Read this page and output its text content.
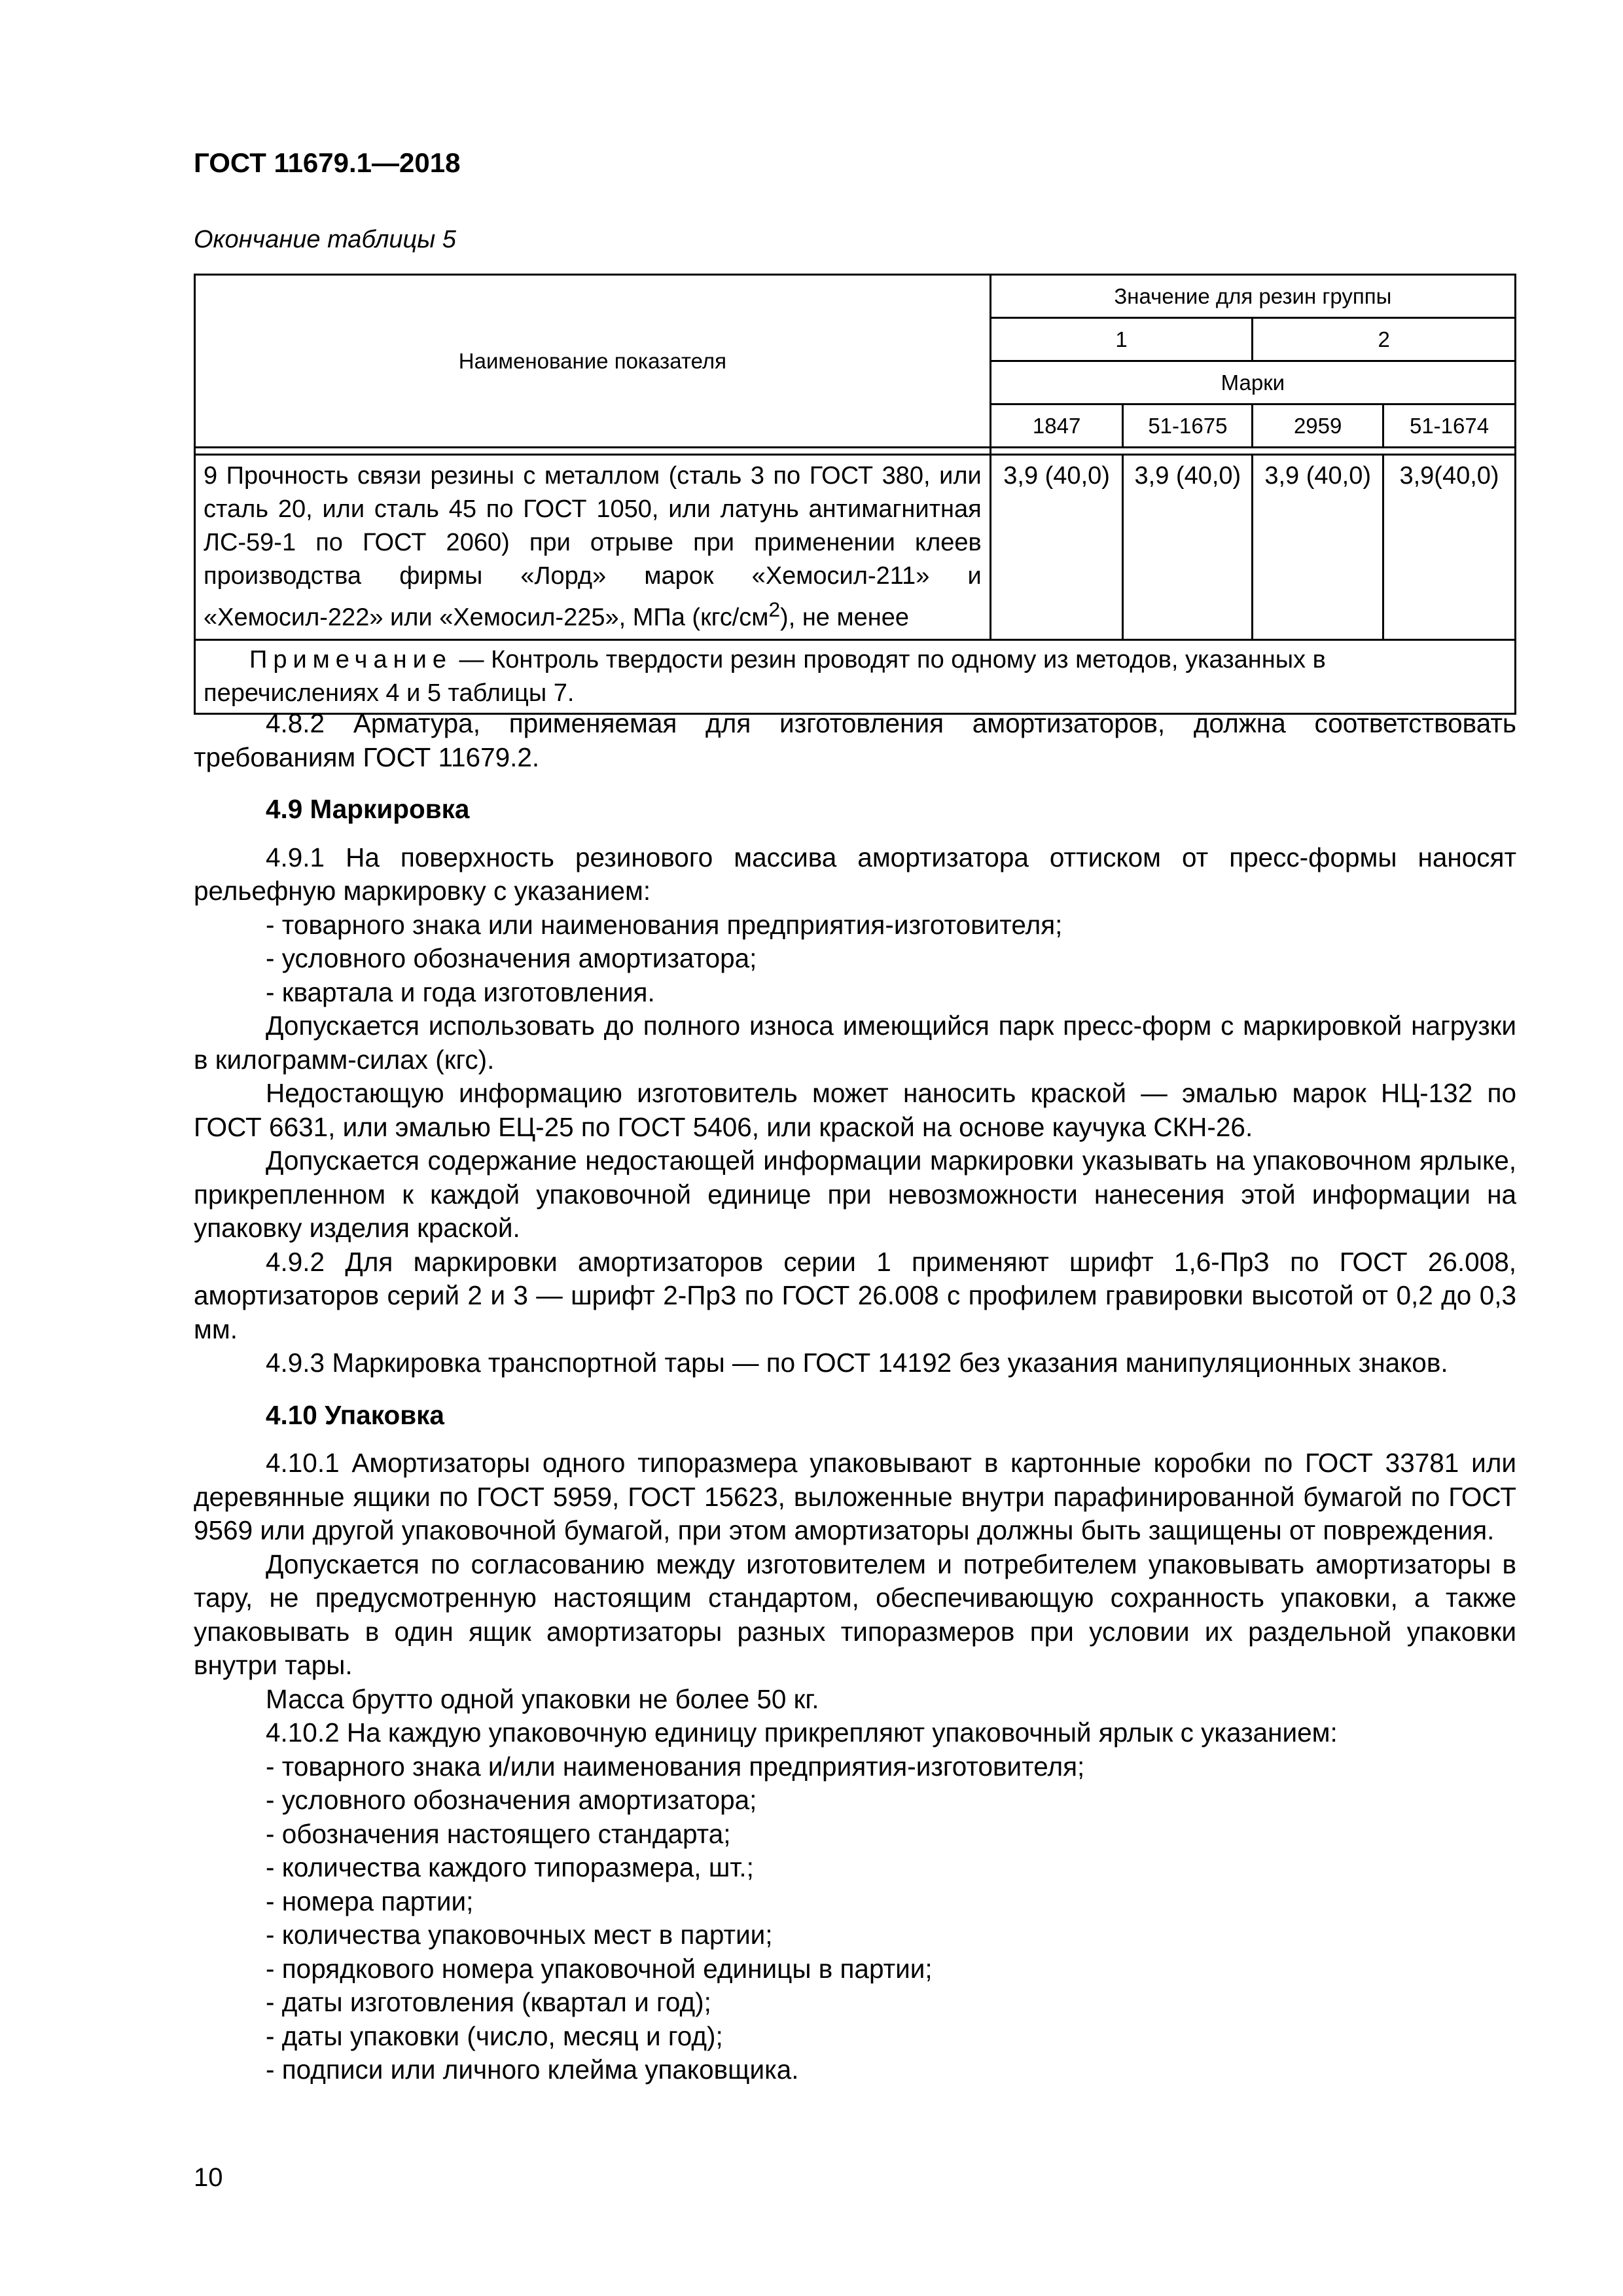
ГОСТ 11679.1—2018
Окончание таблицы 5
Наименование показателя	Значение для резин группы			
	1		2	
	Марки			
	1847	51-1675	2959	51-1674

9 Прочность связи резины с металлом (сталь 3 по ГОСТ 380, или сталь 20, или сталь 45 по ГОСТ 1050, или латунь антимагнитная ЛС-59-1 по ГОСТ 2060) при отрыве при применении клеев производства фирмы «Лорд» марок «Хемосил-211» и «Хемосил-222» или «Хемосил-225», МПа $(кгс/см^2)$, не менее	3,9 (40,0)	3,9 (40,0)	3,9 (40,0)	3,9(40,0)
Примечание — Контроль твердости резин проводят по одному из методов, указанных в перечислениях 4 и 5 таблицы 7.				
4.8.2 Арматура, применяемая для изготовления амортизаторов, должна соответствовать требованиям ГОСТ 11679.2.
4.9 Маркировка
4.9.1 На поверхность резинового массива амортизатора оттиском от пресс-формы наносят рельефную маркировку с указанием:
- товарного знака или наименования предприятия-изготовителя;
- условного обозначения амортизатора;
- квартала и года изготовления.
Допускается использовать до полного износа имеющийся парк пресс-форм с маркировкой нагрузки в килограмм-силах (кгс).
Недостающую информацию изготовитель может наносить краской — эмалью марок НЦ-132 по ГОСТ 6631, или эмалью ЕЦ-25 по ГОСТ 5406, или краской на основе каучука СКН-26.
Допускается содержание недостающей информации маркировки указывать на упаковочном ярлыке, прикрепленном к каждой упаковочной единице при невозможности нанесения этой информации на упаковку изделия краской.
4.9.2 Для маркировки амортизаторов серии 1 применяют шрифт 1,6-ПрЗ по ГОСТ 26.008, амортизаторов серий 2 и 3 — шрифт 2-ПрЗ по ГОСТ 26.008 с профилем гравировки высотой от 0,2 до 0,3 мм.
4.9.3 Маркировка транспортной тары — по ГОСТ 14192 без указания манипуляционных знаков.
4.10 Упаковка
4.10.1 Амортизаторы одного типоразмера упаковывают в картонные коробки по ГОСТ 33781 или деревянные ящики по ГОСТ 5959, ГОСТ 15623, выложенные внутри парафинированной бумагой по ГОСТ 9569 или другой упаковочной бумагой, при этом амортизаторы должны быть защищены от повреждения.
Допускается по согласованию между изготовителем и потребителем упаковывать амортизаторы в тару, не предусмотренную настоящим стандартом, обеспечивающую сохранность упаковки, а также упаковывать в один ящик амортизаторы разных типоразмеров при условии их раздельной упаковки внутри тары.
Масса брутто одной упаковки не более 50 кг.
4.10.2 На каждую упаковочную единицу прикрепляют упаковочный ярлык с указанием:
- товарного знака и/или наименования предприятия-изготовителя;
- условного обозначения амортизатора;
- обозначения настоящего стандарта;
- количества каждого типоразмера, шт.;
- номера партии;
- количества упаковочных мест в партии;
- порядкового номера упаковочной единицы в партии;
- даты изготовления (квартал и год);
- даты упаковки (число, месяц и год);
- подписи или личного клейма упаковщика.
10
